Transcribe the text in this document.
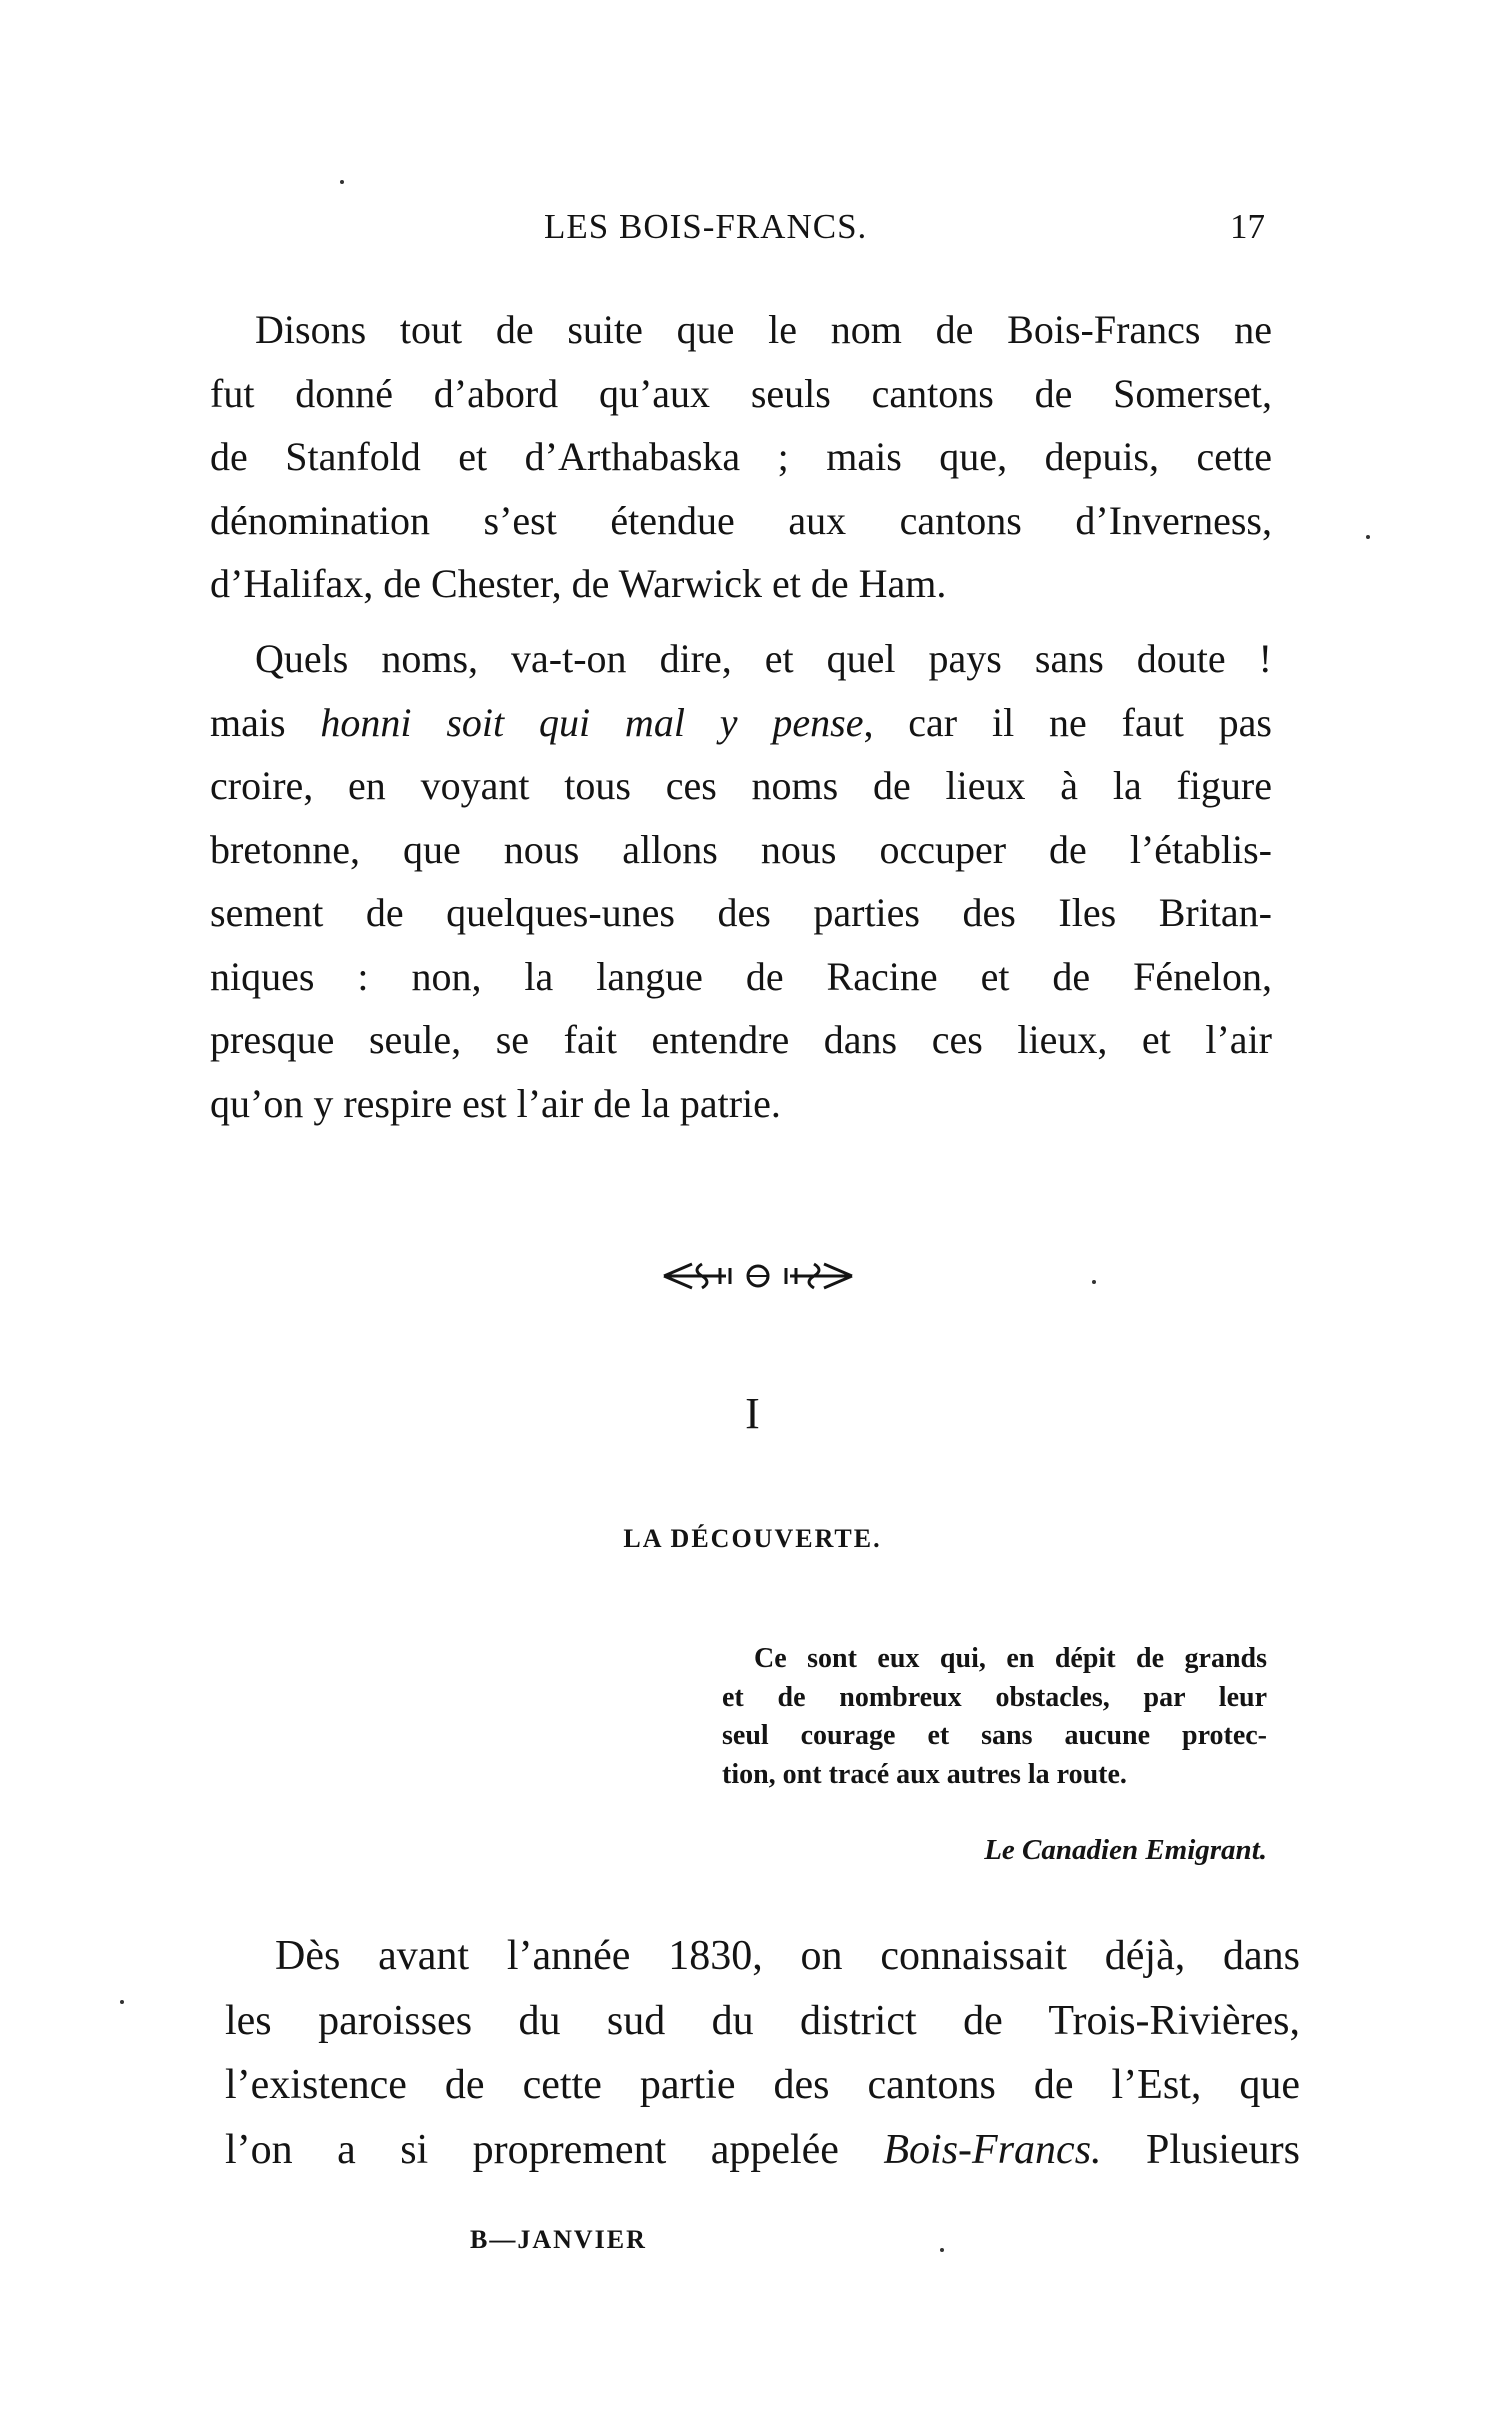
LES BOIS-FRANCS.	17

Disons tout de suite que le nom de Bois-Francs ne
fut donné d’abord qu’aux seuls cantons de Somerset,
de Stanfold et d’Arthabaska ; mais que, depuis, cette
dénomination s’est étendue aux cantons d’Inverness,
d’Halifax, de Chester, de Warwick et de Ham.

Quels noms, va-t-on dire, et quel pays sans doute !
mais honni soit qui mal y pense, car il ne faut pas
croire, en voyant tous ces noms de lieux à la figure
bretonne, que nous allons nous occuper de l’établis-
sement de quelques-unes des parties des Iles Britan-
niques : non, la langue de Racine et de Fénelon,
presque seule, se fait entendre dans ces lieux, et l’air
qu’on y respire est l’air de la patrie.

I
LA DÉCOUVERTE.
Ce sont eux qui, en dépit de grands
et de nombreux obstacles, par leur
seul courage et sans aucune protec-
tion, ont tracé aux autres la route.
Le Canadien Emigrant.

Dès avant l’année 1830, on connaissait déjà, dans
les paroisses du sud du district de Trois-Rivières,
l’existence de cette partie des cantons de l’Est, que
l’on a si proprement appelée Bois-Francs. Plusieurs

B—JANVIER
